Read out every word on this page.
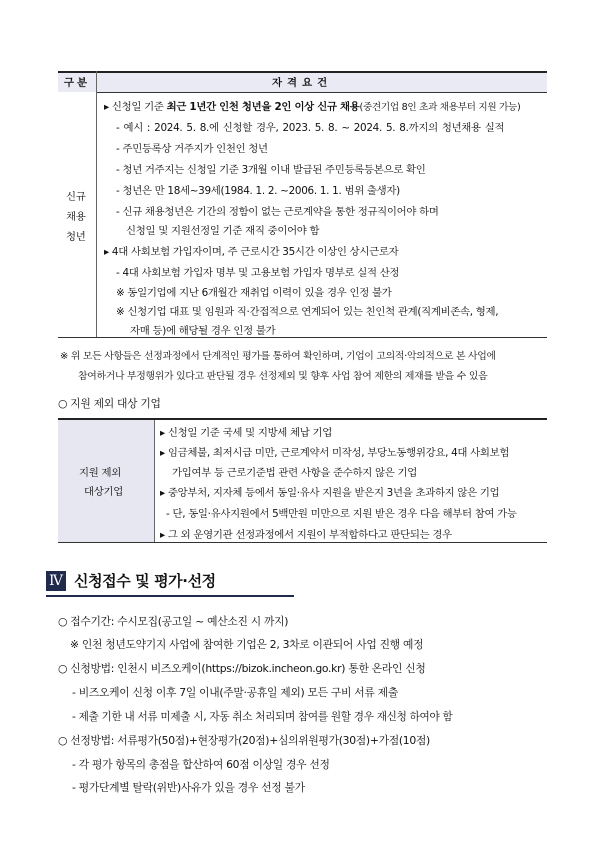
구 분	자 격 요 건
신규
채용
청년
▸ 신청일 기준 최근 1년간 인천 청년을 2인 이상 신규 채용(중견기업 8인 초과 채용부터 지원 가능)
- 예시 : 2024. 5. 8.에 신청할 경우, 2023. 5. 8. ~ 2024. 5. 8.까지의 청년채용 실적
- 주민등록상 거주지가 인천인 청년
- 청년 거주지는 신청일 기준 3개월 이내 발급된 주민등록등본으로 확인
- 청년은 만 18세~39세(1984. 1. 2. ~2006. 1. 1. 범위 출생자)
- 신규 채용청년은 기간의 정함이 없는 근로계약을 통한 정규직이어야 하며
신청일 및 지원선정일 기준 재직 중이어야 함
▸ 4대 사회보험 가입자이며, 주 근로시간 35시간 이상인 상시근로자
- 4대 사회보험 가입자 명부 및 고용보험 가입자 명부로 실적 산정
※ 동일기업에 지난 6개월간 재취업 이력이 있을 경우 인정 불가
※ 신청기업 대표 및 임원과 직·간접적으로 연계되어 있는 친인척 관계(직계비존속, 형제,
자매 등)에 해당될 경우 인정 불가
※ 위 모든 사항들은 선정과정에서 단계적인 평가를 통하여 확인하며, 기업이 고의적·악의적으로 본 사업에
참여하거나 부정행위가 있다고 판단될 경우 선정제외 및 향후 사업 참여 제한의 제재를 받을 수 있음
○ 지원 제외 대상 기업
지원 제외
대상기업
▸ 신청일 기준 국세 및 지방세 체납 기업
▸ 임금체불, 최저시급 미만, 근로계약서 미작성, 부당노동행위강요, 4대 사회보험
가입여부 등 근로기준법 관련 사항을 준수하지 않은 기업
▸ 중앙부처, 지자체 등에서 동일·유사 지원을 받은지 3년을 초과하지 않은 기업
- 단, 동일·유사지원에서 5백만원 미만으로 지원 받은 경우 다음 해부터 참여 가능
▸ 그 외 운영기관 선정과정에서 지원이 부적합하다고 판단되는 경우
Ⅳ 신청접수 및 평가·선정
○ 접수기간: 수시모집(공고일 ~ 예산소진 시 까지)
※ 인천 청년도약기지 사업에 참여한 기업은 2, 3차로 이관되어 사업 진행 예정
○ 신청방법: 인천시 비즈오케이(https://bizok.incheon.go.kr) 통한 온라인 신청
- 비즈오케이 신청 이후 7일 이내(주말·공휴일 제외) 모든 구비 서류 제출
- 제출 기한 내 서류 미제출 시, 자동 취소 처리되며 참여를 원할 경우 재신청 하여야 함
○ 선정방법: 서류평가(50점)+현장평가(20점)+심의위원평가(30점)+가점(10점)
- 각 평가 항목의 총점을 합산하여 60점 이상일 경우 선정
- 평가단계별 탈락(위반)사유가 있을 경우 선정 불가
